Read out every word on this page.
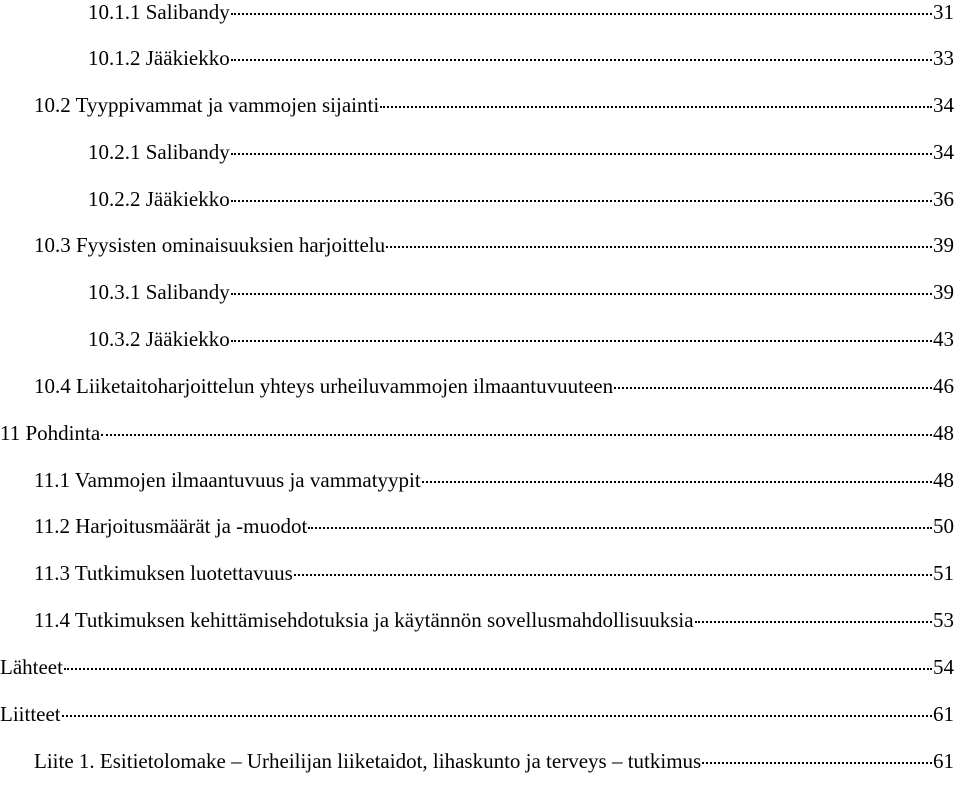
10.1.1 Salibandy	31
10.1.2 Jääkiekko	33
10.2 Tyyppivammat ja vammojen sijainti	34
10.2.1 Salibandy	34
10.2.2 Jääkiekko	36
10.3 Fyysisten ominaisuuksien harjoittelu	39
10.3.1 Salibandy	39
10.3.2 Jääkiekko	43
10.4 Liiketaitoharjoittelun yhteys urheiluvammojen ilmaantuvuuteen	46
11 Pohdinta	48
11.1 Vammojen ilmaantuvuus ja vammatyypit	48
11.2 Harjoitusmäärät ja -muodot	50
11.3 Tutkimuksen luotettavuus	51
11.4 Tutkimuksen kehittämisehdotuksia ja käytännön sovellusmahdollisuuksia	53
Lähteet	54
Liitteet	61
Liite 1. Esitietolomake – Urheilijan liiketaidot, lihaskunto ja terveys – tutkimus	61
